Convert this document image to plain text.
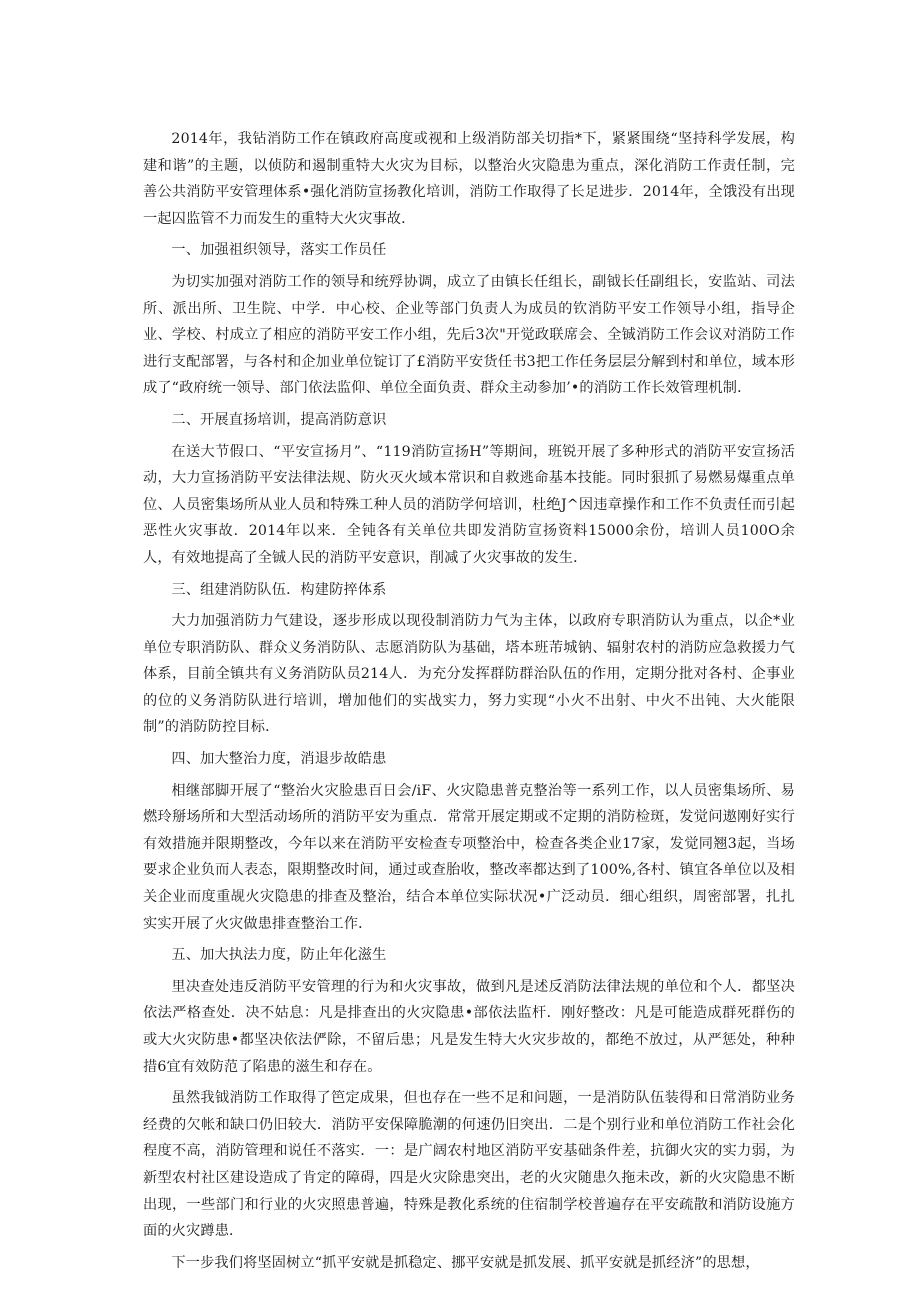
2014年，我钻消防工作在镇政府高度或视和上级消防部关切指*下，紧紧围绕“坚持科学发展，构建和谐”的主题，以侦防和遏制重特大火灾为目标，以整治火灾隐患为重点，深化消防工作责任制，完善公共消防平安管理体系•强化消防宣扬教化培训，消防工作取得了长足进步．2014年，全饿没有出现一起囚监管不力而发生的重特大火灾事故．

一、加强祖织领导，落实工作员任

为切实加强对消防工作的领导和统殍协调，成立了由镇长任组长，副钺长任副组长，安监站、司法所、派出所、卫生院、中学．中心校、企业等部门负责人为成员的钦消防平安工作领导小组，指导企业、学校、村成立了相应的消防平安工作小组，先后3次"开觉政联席会、全铖消防工作会议对消防工作进行支配部署，与各村和企加业单位锭订了£消防平安货任书3把工作任务层层分解到村和单位，域本形成了“政府统一领导、部门依法监仰、单位全面负责、群众主动参加’•的消防工作长效管理机制．

二、开展直扬培训，提高消防意识

在送大节假口、“平安宣扬月”、“119消防宣扬H”等期间，班锐开展了多种形式的消防平安宣扬活动，大力宣扬消防平安法律法规、防火灭火域本常识和自救逃命基本技能。同时狠抓了易燃易爆重点单位、人员密集场所从业人员和特殊工种人员的消防学何培训，杜绝J^因违章操作和工作不负责任而引起恶性火灾事故．2014年以来．全钝各有关单位共即发消防宣扬资料15000余份，培训人员100O余人，有效地提高了全铖人民的消防平安意识，削减了火灾事故的发生．

三、组建消防队伍．构建防捽体系

大力加强消防力气建设，逐步形成以现役制消防力气为主体，以政府专职消防认为重点，以企*业单位专职消防队、群众义务消防队、志愿消防队为基础，塔本班芾城钠、辐射农村的消防应急救援力气体系，目前全镇共有义务消防队员214人．为充分发挥群防群治队伍的作用，定期分批对各村、企事业的位的义务消防队进行培训，增加他们的实战实力，努力实现“小火不出射、中火不出钝、大火能限制”的消防防控目标．

四、加大整治力度，消退步故皓患

相继部脚开展了“整治火灾脸患百日会/iF、火灾隐患普克整治等一系列工作，以人员密集场所、易燃玲掰场所和大型活动场所的消防平安为重点．常常开展定期或不定期的消防检斑，发觉问遨刚好实行有效措施并限期整改，今年以来在消防平安检查专项整治中，检查各类企业17家，发觉同翘3起，当场要求企业负而人表态，限期整改时间，通过或查胎收，整改率都达到了100%,各村、镇宜各单位以及相关企业而度重觇火灾隐患的排查及整治，结合本单位实际状况•广泛动员．细心组织，周密部署，扎扎实实开展了火灾做患排查整治工作．

五、加大执法力度，防止年化滋生

里决查处违反消防平安管理的行为和火灾事故，做到凡是述反消防法律法规的单位和个人．都坚决依法严格查处．决不姑息：凡是排查出的火灾隐患•部依法监杆．刚好整改：凡是可能造成群死群伤的或大火灾防患•都坚决依法俨除，不留后患；凡是发生特大火灾步故的，都绝不放过，从严惩处，种种措6宜有效防范了陷患的滋生和存在。

虽然我钺消防工作取得了笆定成果，但也存在一些不足和问题，一是消防队伍装得和日常消防业务经费的欠帐和缺口仍旧较大．消防平安保障脆潮的何速仍旧突出．二是个别行业和单位消防工作社会化程度不高，消防管理和说任不落实．一：是广阔农村地区消防平安基础条件差，抗御火灾的实力弱，为新型农村社区建设造成了肯定的障碍，四是火灾除患突出，老的火灾随患久拖未改，新的火灾隐患不断出现，一些部门和行业的火灾照患普遍，特殊是教化系统的住宿制学校普遍存在平安疏散和消防设施方面的火灾蹲患．

下一步我们将坚固树立“抓平安就是抓稳定、挪平安就是抓发展、抓平安就是抓经济”的思想，
